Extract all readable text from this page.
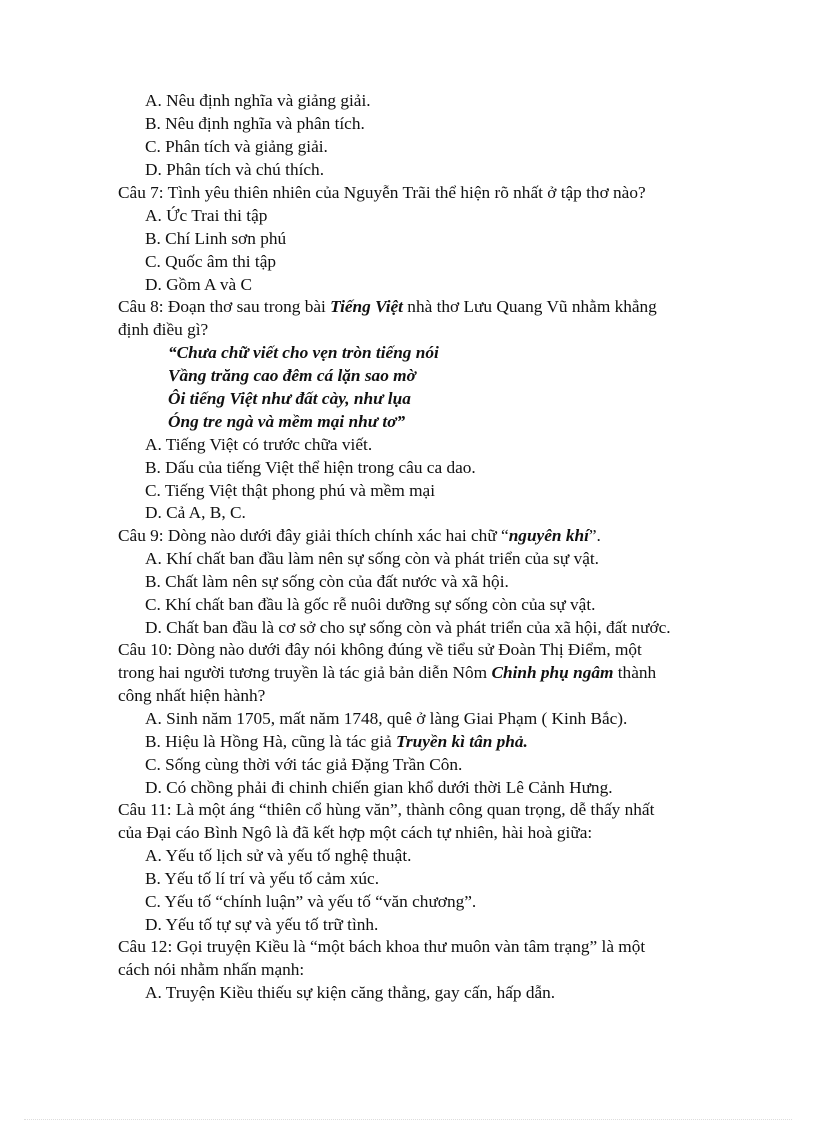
A. Nêu định nghĩa và giảng giải.

B. Nêu định nghĩa và phân tích.

C. Phân tích và giảng giải.

D. Phân tích và chú thích.

Câu 7: Tình yêu thiên nhiên của Nguyễn Trãi thể hiện rõ nhất ở tập thơ nào?

A. Ức Trai thi tập

B. Chí Linh sơn phú

C. Quốc âm thi tập

D. Gồm A và C

Câu 8: Đoạn thơ sau trong bài Tiếng Việt nhà thơ Lưu Quang Vũ nhằm khẳng

định điều gì?

“Chưa chữ viết cho vẹn tròn tiếng nói

Vầng trăng cao đêm cá lặn sao mờ

Ôi tiếng Việt như đất cày, như lụa

Óng tre ngà và mềm mại như tơ”

A. Tiếng Việt có trước chữa viết.

B. Dấu của tiếng Việt thể hiện trong câu ca dao.

C. Tiếng Việt thật phong phú và mềm mại

D. Cả A, B, C.

Câu 9: Dòng nào dưới đây giải thích chính xác hai chữ “nguyên khí”.

A. Khí chất ban đầu làm nên sự sống còn và phát triển của sự vật.

B. Chất làm nên sự sống còn của đất nước và xã hội.

C. Khí chất ban đầu là gốc rễ nuôi dưỡng sự sống còn của sự vật.

D. Chất ban đầu là cơ sở cho sự sống còn và phát triển của xã hội, đất nước.

Câu 10: Dòng nào dưới đây nói không đúng về tiểu sử Đoàn Thị Điểm, một

trong hai người tương truyền là tác giả bản diễn Nôm Chinh phụ ngâm thành

công nhất hiện hành?

A. Sinh năm 1705, mất năm 1748, quê ở làng Giai Phạm ( Kinh Bắc).

B. Hiệu là Hồng Hà, cũng là tác giả Truyền kì tân phả.

C. Sống cùng thời với tác giả Đặng Trần Côn.

D. Có chồng phải đi chinh chiến gian khổ dưới thời Lê Cảnh Hưng.

Câu 11: Là một áng “thiên cổ hùng văn”, thành công quan trọng, dễ thấy nhất

của Đại cáo Bình Ngô là đã kết hợp một cách tự nhiên, hài hoà giữa:

A. Yếu tố lịch sử và yếu tố nghệ thuật.

B. Yếu tố lí trí và yếu tố cảm xúc.

C. Yếu tố “chính luận” và yếu tố “văn chương”.

D. Yếu tố tự sự và yếu tố trữ tình.

Câu 12: Gọi truyện Kiều là “một bách khoa thư muôn vàn tâm trạng” là một

cách nói nhằm nhấn mạnh:

A. Truyện Kiều thiếu sự kiện căng thẳng, gay cấn, hấp dẫn.
